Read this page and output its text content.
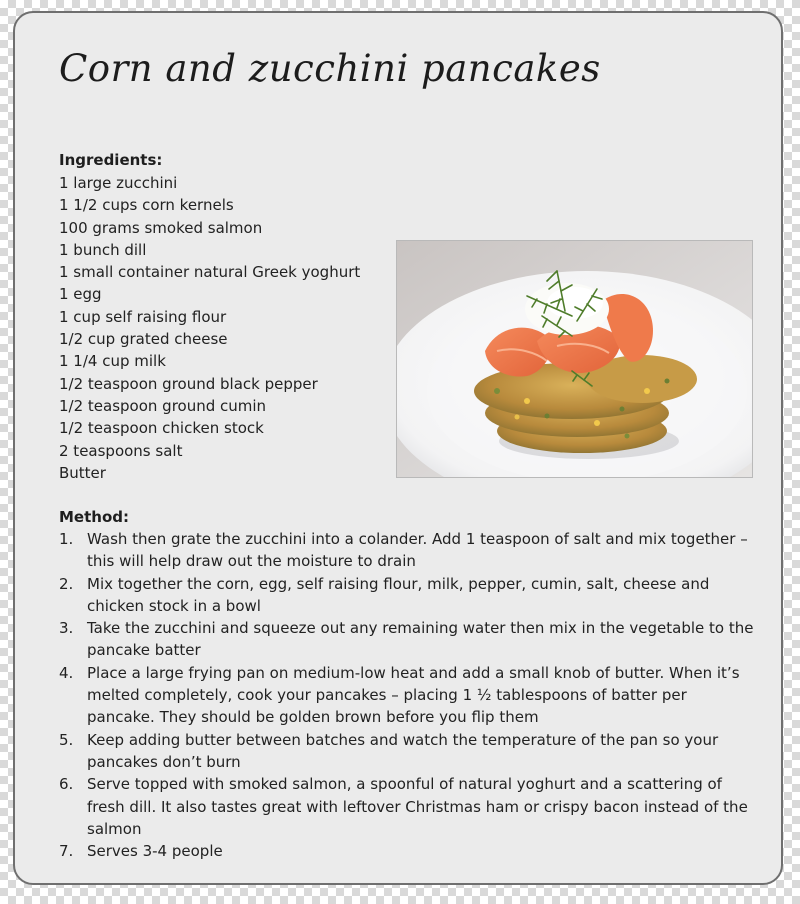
Corn and zucchini pancakes
Ingredients:
1 large zucchini
1 1/2 cups corn kernels
100 grams smoked salmon
1 bunch dill
1 small container natural Greek yoghurt
1 egg
1 cup self raising flour
1/2 cup grated cheese
1 1/4 cup milk
1/2 teaspoon ground black pepper
1/2 teaspoon ground cumin
1/2 teaspoon chicken stock
2 teaspoons salt
Butter
Method:
1. Wash then grate the zucchini into a colander. Add 1 teaspoon of salt and mix together – this will help draw out the moisture to drain
2. Mix together the corn, egg, self raising flour, milk, pepper, cumin, salt, cheese and chicken stock in a bowl
3. Take the zucchini and squeeze out any remaining water then mix in the vegetable to the pancake batter
4. Place a large frying pan on medium-low heat and add a small knob of butter. When it’s melted completely, cook your pancakes – placing 1 ½ tablespoons of batter per pancake. They should be golden brown before you flip them
5. Keep adding butter between batches and watch the temperature of the pan so your pancakes don’t burn
6. Serve topped with smoked salmon, a spoonful of natural yoghurt and a scattering of fresh dill. It also tastes great with leftover Christmas ham or crispy bacon instead of the salmon
7. Serves 3-4 people
